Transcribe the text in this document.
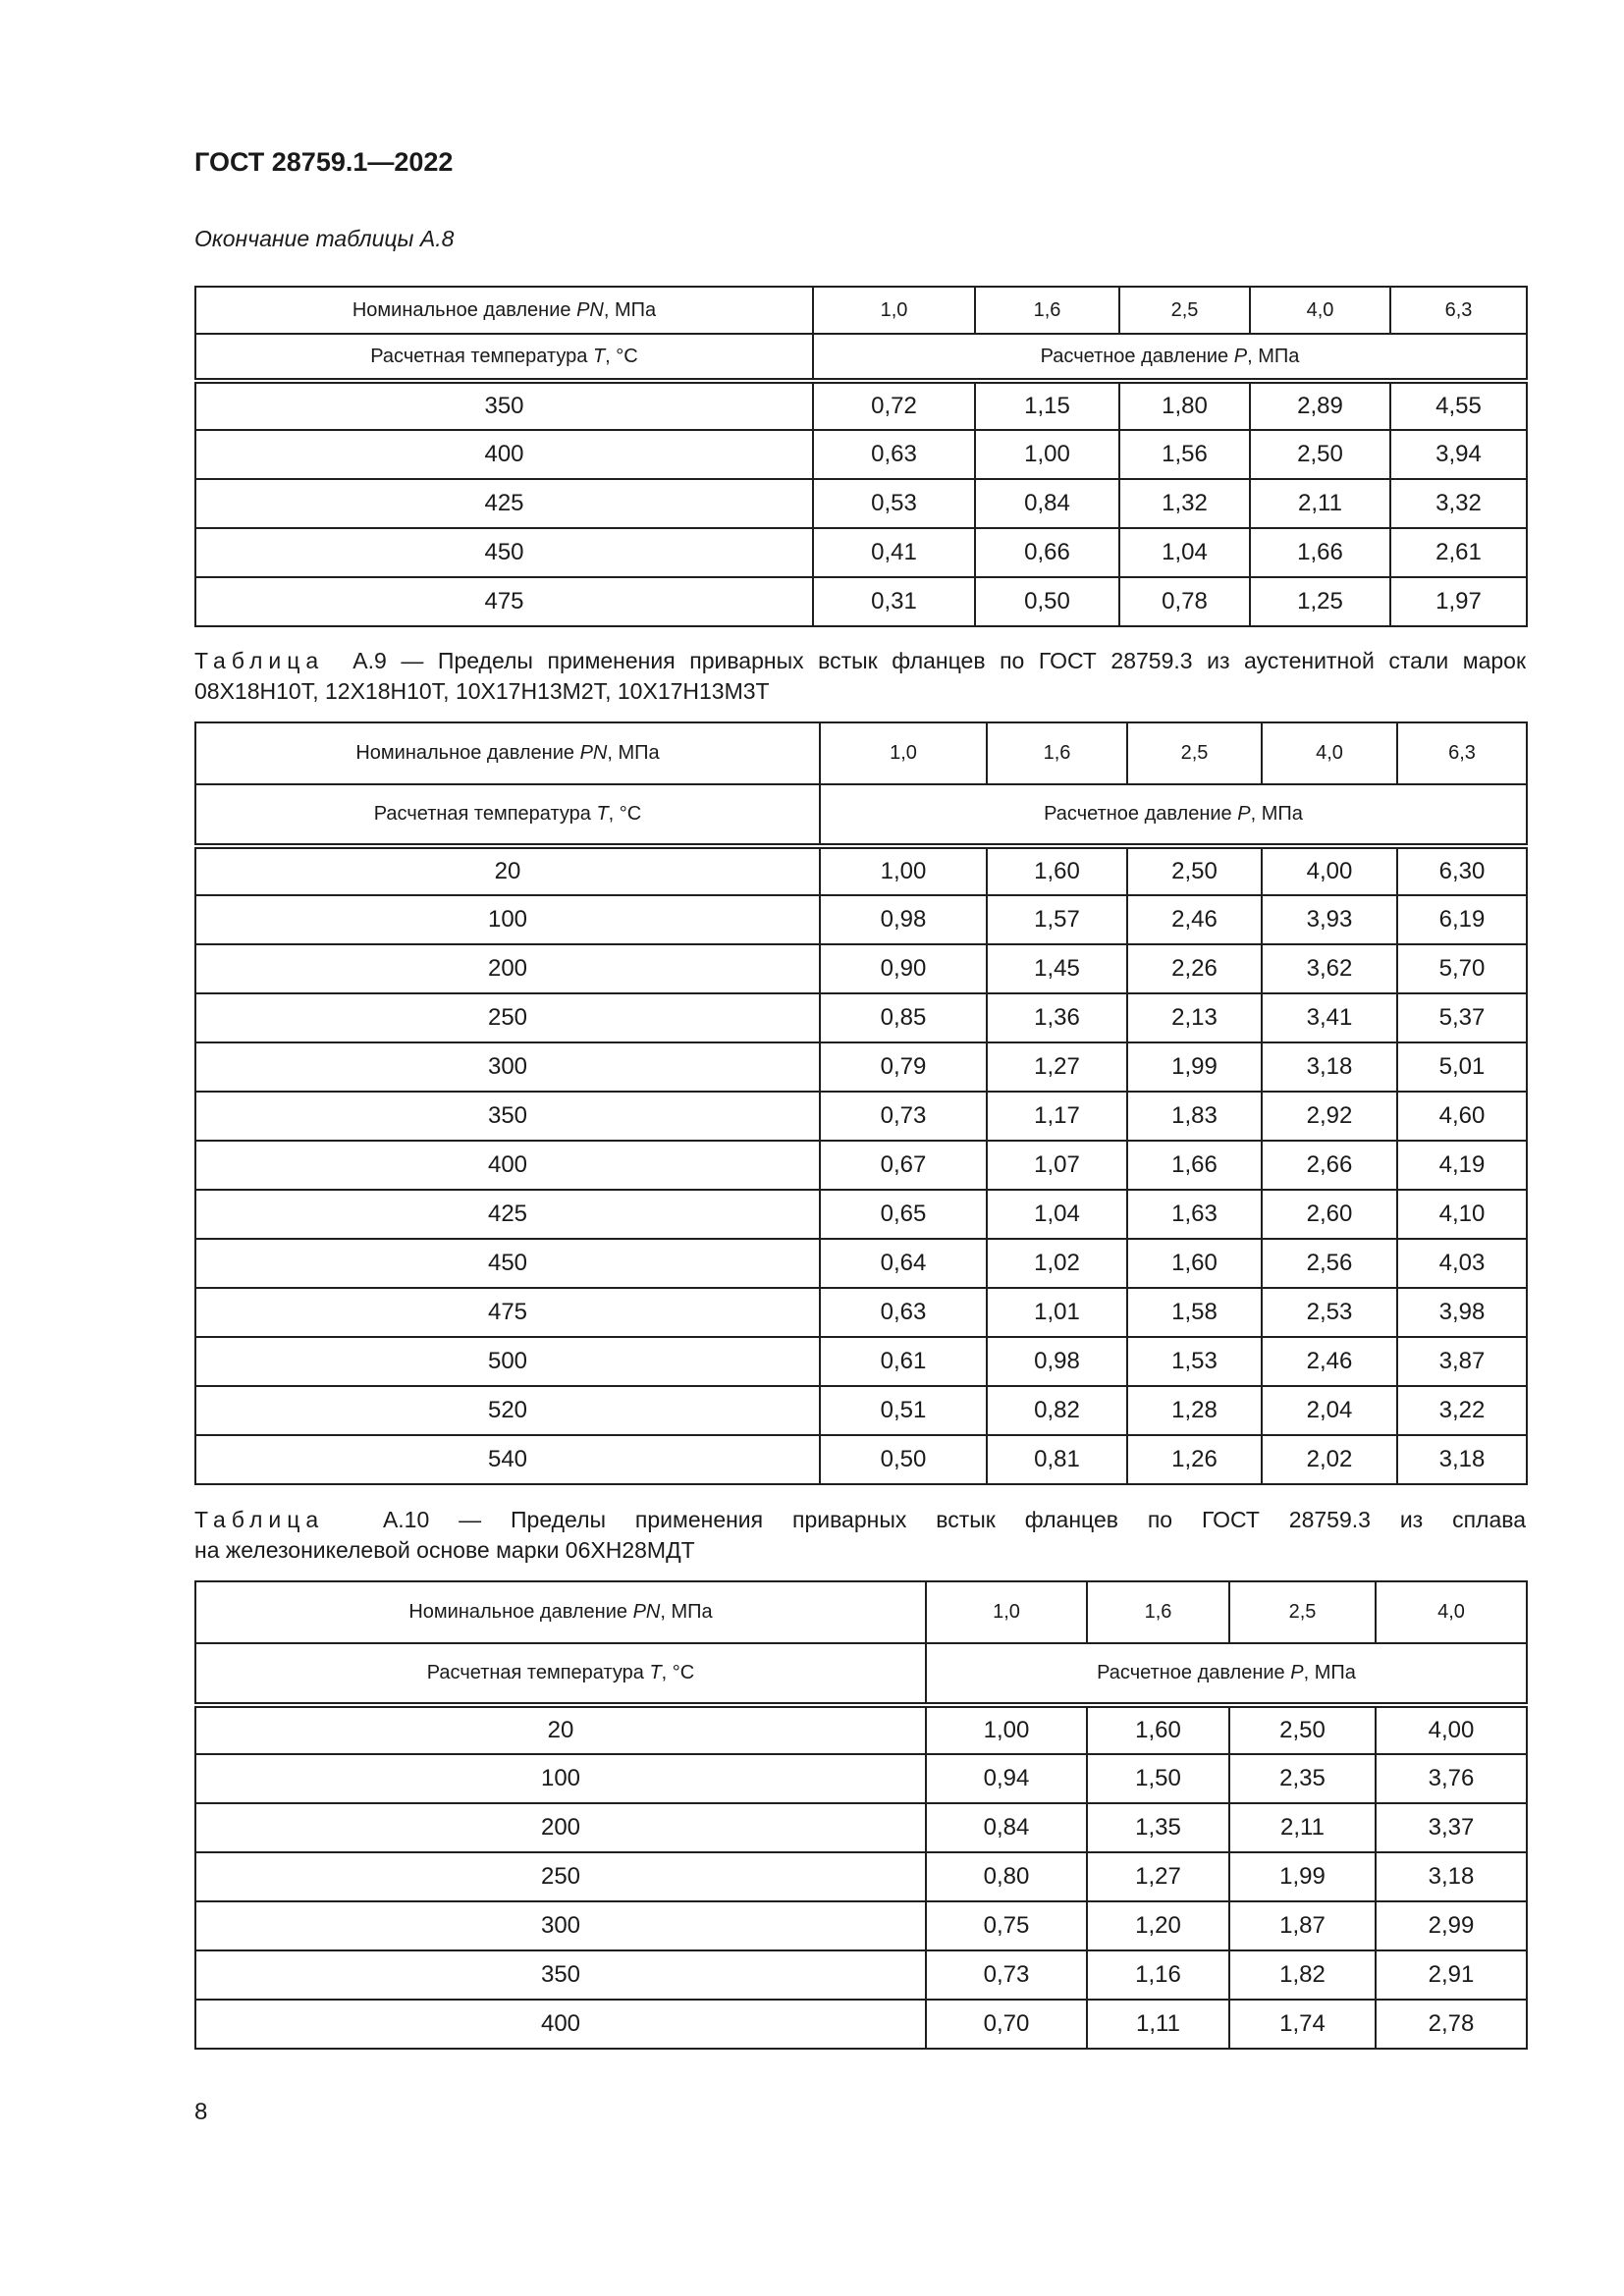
ГОСТ 28759.1—2022
Окончание таблицы А.8
Номинальное давление PN, МПа	1,0	1,6	2,5	4,0	6,3
Расчетная температура T, °C	Расчетное давление P, МПа				
350	0,72	1,15	1,80	2,89	4,55
400	0,63	1,00	1,56	2,50	3,94
425	0,53	0,84	1,32	2,11	3,32
450	0,41	0,66	1,04	1,66	2,61
475	0,31	0,50	0,78	1,25	1,97
Таблица А.9 — Пределы применения приварных встык фланцев по ГОСТ 28759.3 из аустенитной стали марок
08Х18Н10Т, 12Х18Н10Т, 10Х17Н13М2Т, 10Х17Н13М3Т
Номинальное давление PN, МПа	1,0	1,6	2,5	4,0	6,3
Расчетная температура T, °C	Расчетное давление P, МПа				
20	1,00	1,60	2,50	4,00	6,30
100	0,98	1,57	2,46	3,93	6,19
200	0,90	1,45	2,26	3,62	5,70
250	0,85	1,36	2,13	3,41	5,37
300	0,79	1,27	1,99	3,18	5,01
350	0,73	1,17	1,83	2,92	4,60
400	0,67	1,07	1,66	2,66	4,19
425	0,65	1,04	1,63	2,60	4,10
450	0,64	1,02	1,60	2,56	4,03
475	0,63	1,01	1,58	2,53	3,98
500	0,61	0,98	1,53	2,46	3,87
520	0,51	0,82	1,28	2,04	3,22
540	0,50	0,81	1,26	2,02	3,18
Таблица	А.10 — Пределы применения приварных встык фланцев по ГОСТ 28759.3 из сплава
на железоникелевой основе марки 06ХН28МДТ
Номинальное давление PN, МПа	1,0	1,6	2,5	4,0
Расчетная температура T, °C	Расчетное давление P, МПа			
20	1,00	1,60	2,50	4,00
100	0,94	1,50	2,35	3,76
200	0,84	1,35	2,11	3,37
250	0,80	1,27	1,99	3,18
300	0,75	1,20	1,87	2,99
350	0,73	1,16	1,82	2,91
400	0,70	1,11	1,74	2,78
8
